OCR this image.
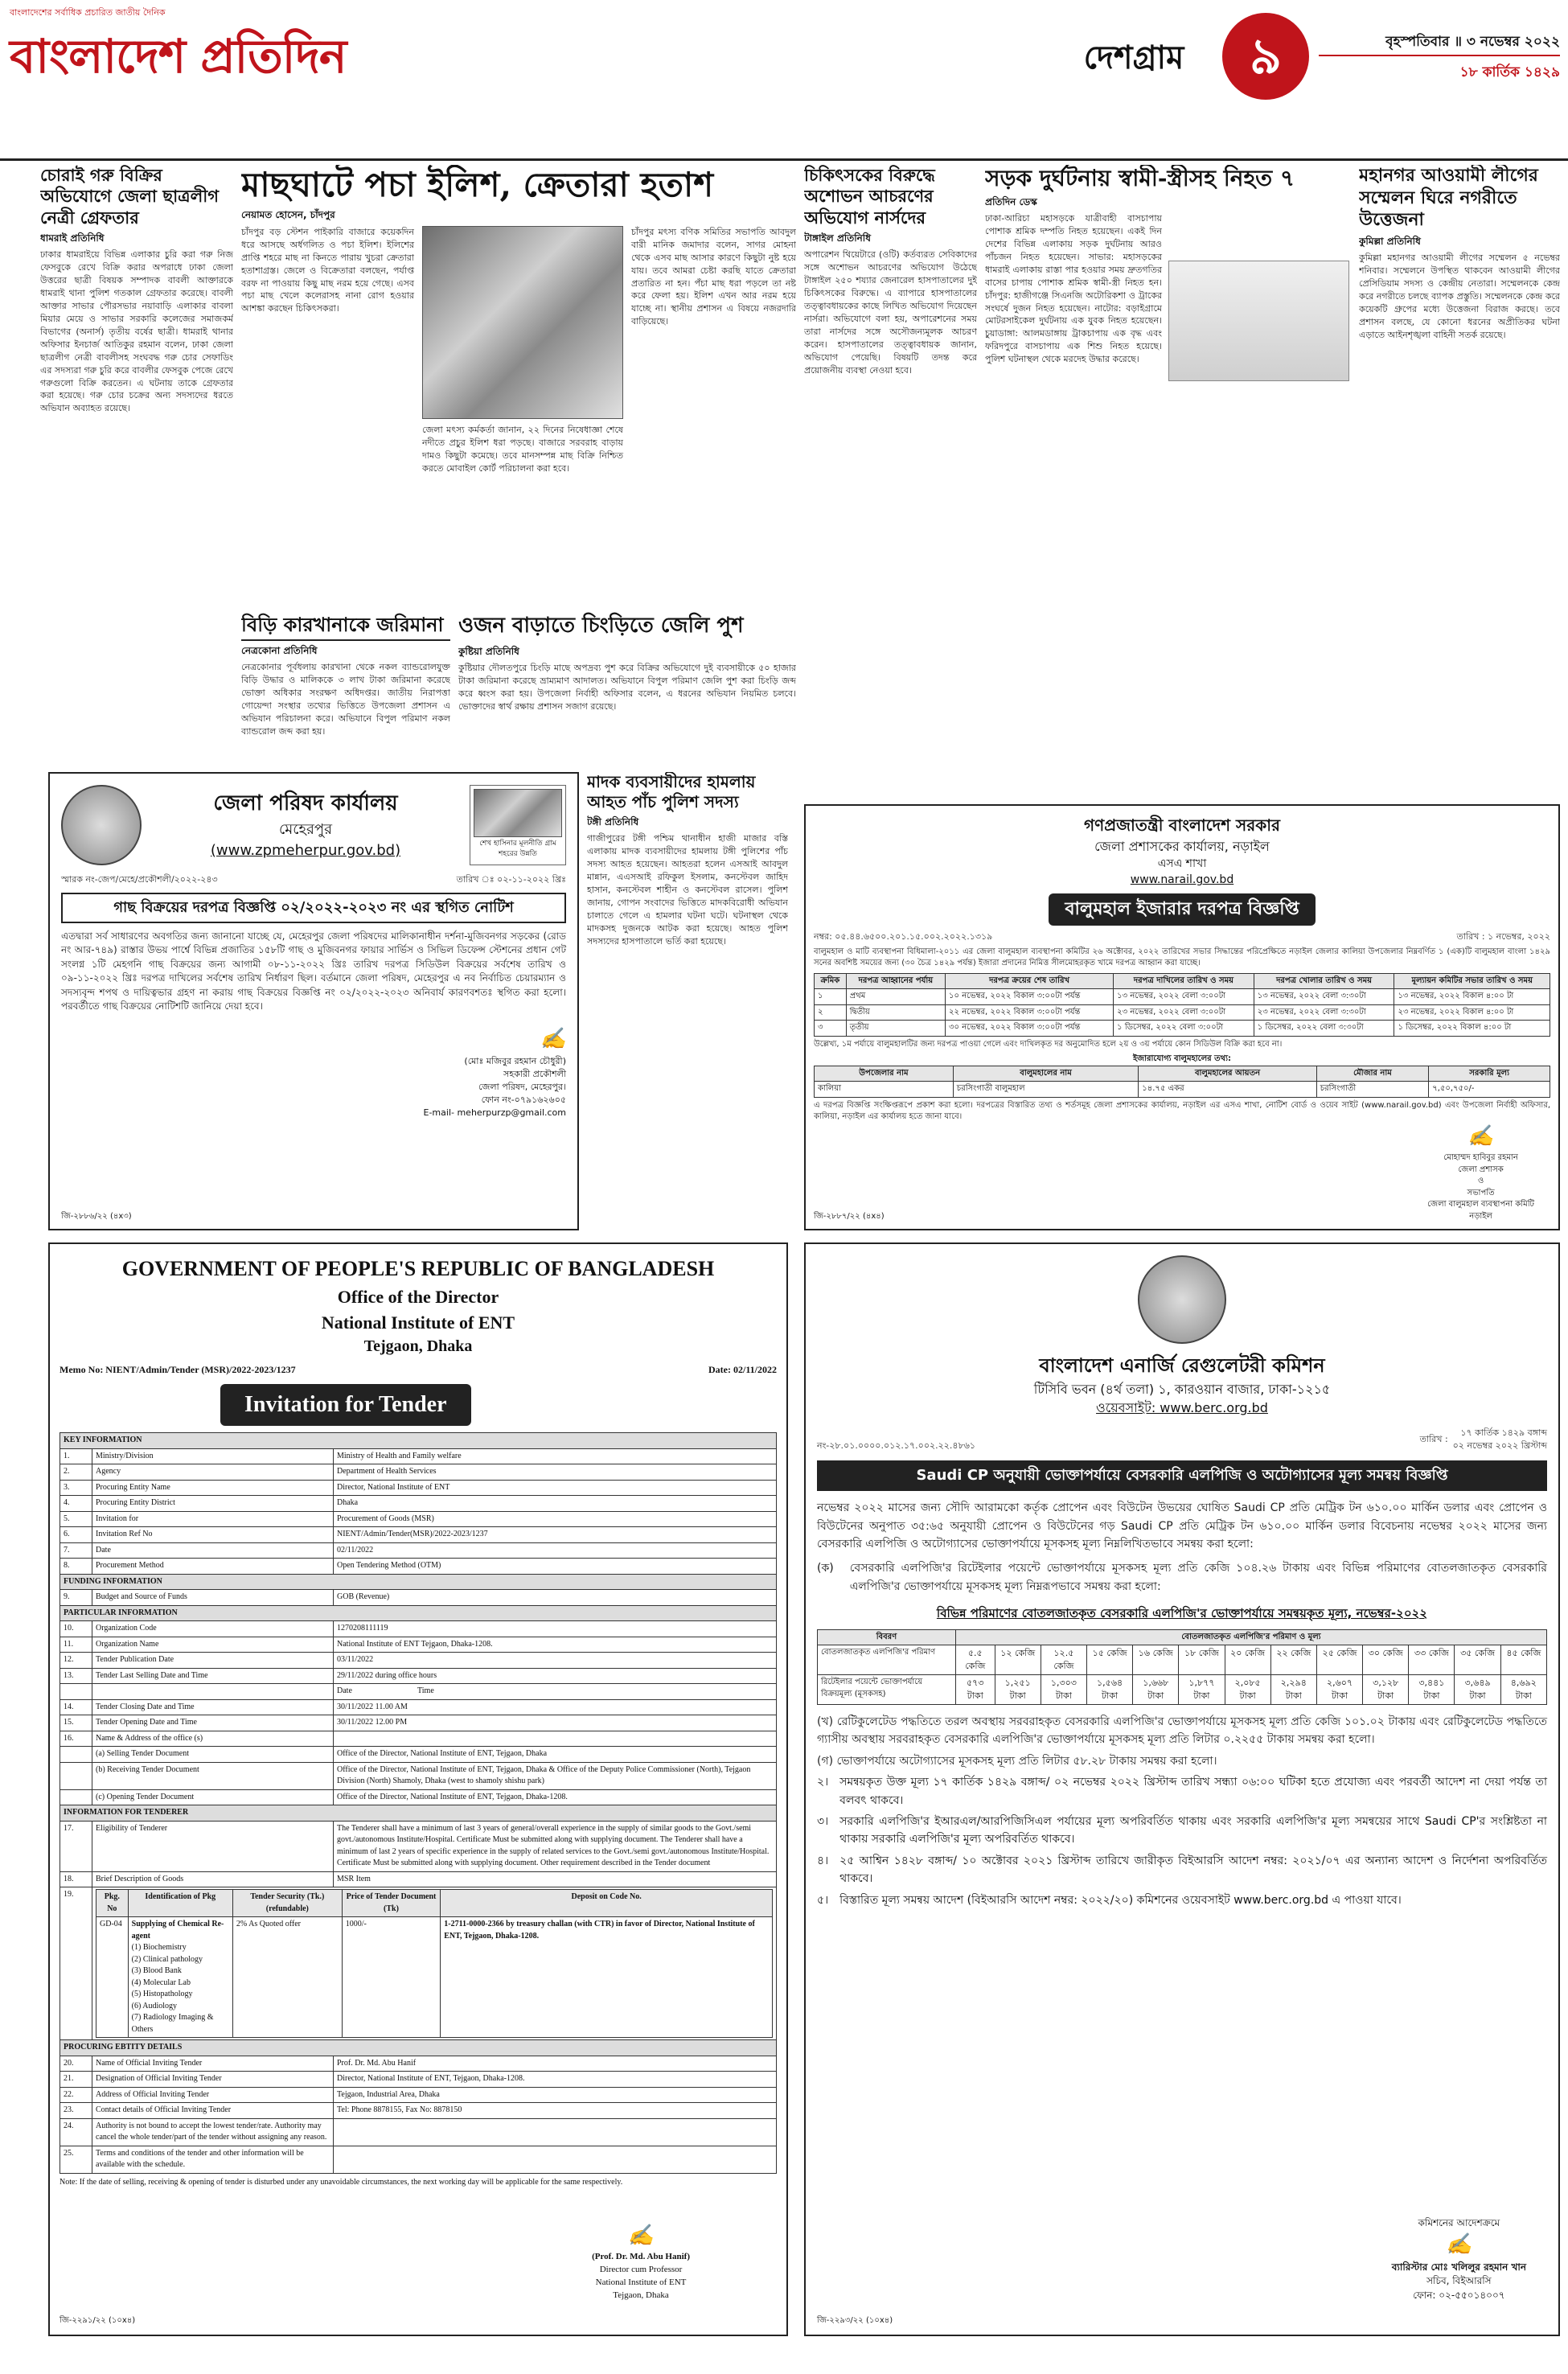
বাংলাদেশের সর্বাধিক প্রচারিত জাতীয় দৈনিক
বাংলাদেশ প্রতিদিন	দেশগ্রাম	৯	বৃহস্পতিবার ॥ ৩ নভেম্বর ২০২২
১৮ কার্তিক ১৪২৯
চোরাই গরু বিক্রির অভিযোগে জেলা ছাত্রলীগ নেত্রী গ্রেফতার
ধামরাই প্রতিনিধি
ঢাকার ধামরাইয়ে বিভিন্ন এলাকার চুরি করা গরু নিজ ফেসবুকে রেখে বিক্রি করার অপরাধে ঢাকা জেলা উত্তরের ছাত্রী বিষয়ক সম্পাদক বাবলী আক্তারকে ধামরাই থানা পুলিশ গতকাল গ্রেফতার করেছে। বাবলী আক্তার সাভার পৌরসভার নয়াবাড়ি এলাকার বাবলা মিয়ার মেয়ে ও সাভার সরকারি কলেজের সমাজকর্ম বিভাগের (অনার্স) তৃতীয় বর্ষের ছাত্রী। ধামরাই থানার অফিসার ইনচার্জ আতিকুর রহমান বলেন, ঢাকা জেলা ছাত্রলীগ নেত্রী বাবলীসহ সংঘবদ্ধ গরু চোর সেফাডিং এর সদস্যরা গরু চুরি করে বাবলীর ফেসবুক পেজে রেখে গরুগুলো বিক্রি করতেন। এ ঘটনায় তাকে গ্রেফতার করা হয়েছে। গরু চোর চক্রের অন্য সদস্যদের ধরতে অভিযান অব্যাহত রয়েছে।
মাছঘাটে পচা ইলিশ, ক্রেতারা হতাশ
নেয়ামত হোসেন, চাঁদপুর
চাঁদপুর বড় স্টেশন পাইকারি বাজারে কয়েকদিন ধরে আসছে অর্ধগলিত ও পচা ইলিশ। ইলিশের প্রাপ্তি শহরে মাছ না কিনতে পারায় খুচরা ক্রেতারা হতাশাগ্রস্ত। জেলে ও বিক্রেতারা বলছেন, পর্যাপ্ত বরফ না পাওয়ায় কিছু মাছ নরম হয়ে গেছে। এসব পচা মাছ খেলে কলেরাসহ নানা রোগ হওয়ার আশঙ্কা করছেন চিকিৎসকরা।
জেলা মৎস্য কর্মকর্তা জানান, ২২ দিনের নিষেধাজ্ঞা শেষে নদীতে প্রচুর ইলিশ ধরা পড়ছে। বাজারে সরবরাহ বাড়ায় দামও কিছুটা কমেছে। তবে মানসম্পন্ন মাছ বিক্রি নিশ্চিত করতে মোবাইল কোর্ট পরিচালনা করা হবে।
চাঁদপুর মৎস্য বণিক সমিতির সভাপতি আবদুল বারী মানিক জমাদার বলেন, সাগর মোহনা থেকে এসব মাছ আসার কারণে কিছুটা নুষ্ট হয়ে যায়। তবে আমরা চেষ্টা করছি যাতে ক্রেতারা প্রতারিত না হন। পঁচা মাছ ধরা পড়লে তা নষ্ট করে ফেলা হয়। ইলিশ এখন আর নরম হয়ে যাচ্ছে না। স্থানীয় প্রশাসন এ বিষয়ে নজরদারি বাড়িয়েছে।
চিকিৎসকের বিরুদ্ধে অশোভন আচরণের অভিযোগ নার্সদের
টাঙ্গাইল প্রতিনিধি
অপারেশন থিয়েটারে (ওটি) কর্তব্যরত সেবিকাদের সঙ্গে অশোভন আচরণের অভিযোগ উঠেছে টাঙ্গাইল ২৫০ শয্যার জেনারেল হাসপাতালের দুই চিকিৎসকের বিরুদ্ধে। এ ব্যাপারে হাসপাতালের তত্ত্বাবধায়কের কাছে লিখিত অভিযোগ দিয়েছেন নার্সরা। অভিযোগে বলা হয়, অপারেশনের সময় তারা নার্সদের সঙ্গে অসৌজন্যমূলক আচরণ করেন। হাসপাতালের তত্ত্বাবধায়ক জানান, অভিযোগ পেয়েছি। বিষয়টি তদন্ত করে প্রয়োজনীয় ব্যবস্থা নেওয়া হবে।
সড়ক দুর্ঘটনায় স্বামী-স্ত্রীসহ নিহত ৭
প্রতিদিন ডেস্ক
ঢাকা-আরিচা মহাসড়কে যাত্রীবাহী বাসচাপায় পোশাক শ্রমিক দম্পতি নিহত হয়েছেন। একই দিন দেশের বিভিন্ন এলাকায় সড়ক দুর্ঘটনায় আরও পাঁচজন নিহত হয়েছেন। সাভার: মহাসড়কের ধামরাই এলাকায় রাস্তা পার হওয়ার সময় দ্রুতগতির বাসের চাপায় পোশাক শ্রমিক স্বামী-স্ত্রী নিহত হন। চাঁদপুর: হাজীগঞ্জে সিএনজি অটোরিকশা ও ট্রাকের সংঘর্ষে দুজন নিহত হয়েছেন। নাটোর: বড়াইগ্রামে মোটরসাইকেল দুর্ঘটনায় এক যুবক নিহত হয়েছেন। চুয়াডাঙ্গা: আলমডাঙ্গায় ট্রাকচাপায় এক বৃদ্ধ এবং ফরিদপুরে বাসচাপায় এক শিশু নিহত হয়েছে। পুলিশ ঘটনাস্থল থেকে মরদেহ উদ্ধার করেছে।
মহানগর আওয়ামী লীগের সম্মেলন ঘিরে নগরীতে উত্তেজনা
কুমিল্লা প্রতিনিধি
কুমিল্লা মহানগর আওয়ামী লীগের সম্মেলন ৫ নভেম্বর শনিবার। সম্মেলনে উপস্থিত থাকবেন আওয়ামী লীগের প্রেসিডিয়াম সদস্য ও কেন্দ্রীয় নেতারা। সম্মেলনকে কেন্দ্র করে নগরীতে চলছে ব্যাপক প্রস্তুতি। সম্মেলনকে কেন্দ্র করে কয়েকটি গ্রুপের মধ্যে উত্তেজনা বিরাজ করছে। তবে প্রশাসন বলছে, যে কোনো ধরনের অপ্রীতিকর ঘটনা এড়াতে আইনশৃঙ্খলা বাহিনী সতর্ক রয়েছে।
বিড়ি কারখানাকে জরিমানা
নেত্রকোনা প্রতিনিধি
নেত্রকোনার পূর্বধলায় কারখানা থেকে নকল ব্যান্ডরোলযুক্ত বিড়ি উদ্ধার ও মালিককে ৩ লাখ টাকা জরিমানা করেছে ভোক্তা অধিকার সংরক্ষণ অধিদপ্তর। জাতীয় নিরাপত্তা গোয়েন্দা সংস্থার তথ্যের ভিত্তিতে উপজেলা প্রশাসন এ অভিযান পরিচালনা করে। অভিযানে বিপুল পরিমাণ নকল ব্যান্ডরোল জব্দ করা হয়।
ওজন বাড়াতে চিংড়িতে জেলি পুশ
কুষ্টিয়া প্রতিনিধি
কুষ্টিয়ার দৌলতপুরে চিংড়ি মাছে অপদ্রব্য পুশ করে বিক্রির অভিযোগে দুই ব্যবসায়ীকে ৫০ হাজার টাকা জরিমানা করেছে ভ্রাম্যমাণ আদালত। অভিযানে বিপুল পরিমাণ জেলি পুশ করা চিংড়ি জব্দ করে ধ্বংস করা হয়। উপজেলা নির্বাহী অফিসার বলেন, এ ধরনের অভিযান নিয়মিত চলবে। ভোক্তাদের স্বার্থ রক্ষায় প্রশাসন সজাগ রয়েছে।
জেলা পরিষদ কার্যালয়
মেহেরপুর
(www.zpmeherpur.gov.bd)	শেখ হাসিনার মূলনীতি গ্রাম শহরের উন্নতি
স্মারক নং-জেপ/মেহে/প্রকৌশলী/২০২২-২৪৩	তারিখ ঃ ০২-১১-২০২২ খ্রিঃ
গাছ বিক্রয়ের দরপত্র বিজ্ঞপ্তি ০২/২০২২-২০২৩ নং এর স্থগিত নোটিশ
এতদ্বারা সর্ব সাধারণের অবগতির জন্য জানানো যাচ্ছে যে, মেহেরপুর জেলা পরিষদের মালিকানাধীন দর্শনা-মুজিবনগর সড়কের (রোড নং আর-৭৪৯) রাস্তার উভয় পার্শ্বে বিভিন্ন প্রজাতির ১৫৮টি গাছ ও মুজিবনগর ফায়ার সার্ভিস ও সিভিল ডিফেন্স স্টেশনের প্রধান গেট সংলগ্ন ১টি মেহগনি গাছ বিক্রয়ের জন্য আগামী ০৮-১১-২০২২ খ্রিঃ তারিখ দরপত্র সিডিউল বিক্রয়ের সর্বশেষ তারিখ ও ০৯-১১-২০২২ খ্রিঃ দরপত্র দাখিলের সর্বশেষ তারিখ নির্ধারণ ছিল। বর্তমানে জেলা পরিষদ, মেহেরপুর এ নব নির্বাচিত চেয়ারম্যান ও সদস্যবৃন্দ শপথ ও দায়িত্বভার গ্রহণ না করায় গাছ বিক্রয়ের বিজ্ঞপ্তি নং ০২/২০২২-২০২৩ অনিবার্য কারণবশতঃ স্থগিত করা হলো। পরবর্তীতে গাছ বিক্রয়ের নোটিশটি জানিয়ে দেয়া হবে।
✍
(মোঃ মজিবুর রহমান চৌধুরী)
সহকারী প্রকৌশলী
জেলা পরিষদ, মেহেরপুর।
ফোন নং-০৭৯১৬২৬০৫
E-mail- meherpurzp@gmail.com
জি-২৮৮৬/২২ (৪x৩)
মাদক ব্যবসায়ীদের হামলায় আহত পাঁচ পুলিশ সদস্য
টঙ্গী প্রতিনিধি
গাজীপুরের টঙ্গী পশ্চিম থানাধীন হাজী মাজার বস্তি এলাকায় মাদক ব্যবসায়ীদের হামলায় টঙ্গী পুলিশের পাঁচ সদস্য আহত হয়েছেন। আহতরা হলেন এসআই আবদুল মান্নান, এএসআই রফিকুল ইসলাম, কনস্টেবল জাহিদ হাসান, কনস্টেবল শাহীন ও কনস্টেবল রাসেল। পুলিশ জানায়, গোপন সংবাদের ভিত্তিতে মাদকবিরোধী অভিযান চালাতে গেলে এ হামলার ঘটনা ঘটে। ঘটনাস্থল থেকে মাদকসহ দুজনকে আটক করা হয়েছে। আহত পুলিশ সদস্যদের হাসপাতালে ভর্তি করা হয়েছে।
গণপ্রজাতন্ত্রী বাংলাদেশ সরকার
জেলা প্রশাসকের কার্যালয়, নড়াইল
এসএ শাখা
www.narail.gov.bd
বালুমহাল ইজারার দরপত্র বিজ্ঞপ্তি
নম্বর: ০৫.৪৪.৬৫০০.২০১.১৫.০০২.২০২২.১৩১৯	তারিখ : ১ নভেম্বর, ২০২২
বালুমহাল ও মাটি ব্যবস্থাপনা বিধিমালা-২০১১ এর জেলা বালুমহাল ব্যবস্থাপনা কমিটির ২৬ অক্টোবর, ২০২২ তারিখের সভার সিদ্ধান্তের পরিপ্রেক্ষিতে নড়াইল জেলার কালিয়া উপজেলার নিম্নবর্ণিত ১ (এক)টি বালুমহাল বাংলা ১৪২৯ সনের অবশিষ্ট সময়ের জন্য (৩০ চৈত্র ১৪২৯ পর্যন্ত) ইজারা প্রদানের নিমিত্ত সীলমোহরকৃত খামে দরপত্র আহ্বান করা যাচ্ছে।
ক্রমিক	দরপত্র আহ্বানের পর্যায়	দরপত্র ক্রয়ের শেষ তারিখ	দরপত্র দাখিলের তারিখ ও সময়	দরপত্র খোলার তারিখ ও সময়	মূল্যায়ন কমিটির সভার তারিখ ও সময়
১	প্রথম	১০ নভেম্বর, ২০২২ বিকাল ৩:০০টা পর্যন্ত	১৩ নভেম্বর, ২০২২ বেলা ৩:০০টা	১৩ নভেম্বর, ২০২২ বেলা ৩:৩০টা	১৩ নভেম্বর, ২০২২ বিকাল ৪:০০ টা
২	দ্বিতীয়	২২ নভেম্বর, ২০২২ বিকাল ৩:০০টা পর্যন্ত	২৩ নভেম্বর, ২০২২ বেলা ৩:০০টা	২৩ নভেম্বর, ২০২২ বেলা ৩:৩০টা	২৩ নভেম্বর, ২০২২ বিকাল ৪:০০ টা
৩	তৃতীয়	৩০ নভেম্বর, ২০২২ বিকাল ৩:০০টা পর্যন্ত	১ ডিসেম্বর, ২০২২ বেলা ৩:০০টা	১ ডিসেম্বর, ২০২২ বেলা ৩:৩০টা	১ ডিসেম্বর, ২০২২ বিকাল ৪:০০ টা
উল্লেখ্য, ১ম পর্যায়ে বালুমহালটির জন্য দরপত্র পাওয়া গেলে এবং দাখিলকৃত দর অনুমোদিত হলে ২য় ও ৩য় পর্যায়ে কোন সিডিউল বিক্রি করা হবে না।
ইজারাযোগ্য বালুমহালের তথ্য:
উপজেলার নাম	বালুমহালের নাম	বালুমহালের আয়তন	মৌজার নাম	সরকারি মূল্য
কালিয়া	চরসিংগাতী বালুমহাল	১৪.৭৫ একর	চরসিংগাতী	৭,৫০,৭৫০/-
এ দরপত্র বিজ্ঞপ্তি সংক্ষিপ্তরূপে প্রকাশ করা হলো। দরপত্রের বিস্তারিত তথ্য ও শর্তসমূহ জেলা প্রশাসকের কার্যালয়, নড়াইল এর এসএ শাখা, নোটিশ বোর্ড ও ওয়েব সাইট (www.narail.gov.bd) এবং উপজেলা নির্বাহী অফিসার, কালিয়া, নড়াইল এর কার্যালয় হতে জানা যাবে।
✍
মোহাম্মদ হাবিবুর রহমান
জেলা প্রশাসক
ও
সভাপতি
জেলা বালুমহাল ব্যবস্থাপনা কমিটি
নড়াইল
জি-২৮৮৭/২২ (৪x৪)
GOVERNMENT OF PEOPLE'S REPUBLIC OF BANGLADESH
Office of the Director
National Institute of ENT
Tejgaon, Dhaka
Memo No: NIENT/Admin/Tender (MSR)/2022-2023/1237	Date: 02/11/2022
Invitation for Tender
KEY INFORMATION
1.	Ministry/Division	Ministry of Health and Family welfare
2.	Agency	Department of Health Services
3.	Procuring Entity Name	Director, National Institute of ENT
4.	Procuring Entity District	Dhaka
5.	Invitation for	Procurement of Goods (MSR)
6.	Invitation Ref No	NIENT/Admin/Tender(MSR)/2022-2023/1237
7.	Date	02/11/2022
8.	Procurement Method	Open Tendering Method (OTM)
FUNDING INFORMATION
9.	Budget and Source of Funds	GOB (Revenue)
PARTICULAR INFORMATION
10.	Organization Code	1270208111119
11.	Organization Name	National Institute of ENT Tejgaon, Dhaka-1208.
12.	Tender Publication Date	03/11/2022
13.	Tender Last Selling Date and Time	29/11/2022 during office hours
		Date	Time
14.	Tender Closing Date and Time	30/11/2022 11.00 AM
15.	Tender Opening Date and Time	30/11/2022 12.00 PM
16.	Name & Address of the office (s)	
	(a) Selling Tender Document	Office of the Director, National Institute of ENT, Tejgaon, Dhaka
	(b) Receiving Tender Document	Office of the Director, National Institute of ENT, Tejgaon, Dhaka & Office of the Deputy Police Commissioner (North), Tejgaon Division (North) Shamoly, Dhaka (west to shamoly shishu park)
	(c) Opening Tender Document	Office of the Director, National Institute of ENT, Tejgaon, Dhaka-1208.
INFORMATION FOR TENDERER
17.	Eligibility of Tenderer	The Tenderer shall have a minimum of last 3 years of general/overall experience in the supply of similar goods to the Govt./semi govt./autonomous Institute/Hospital. Certificate Must be submitted along with supplying document. The Tenderer shall have a minimum of last 2 years of specific experience in the supply of related services to the Govt./semi govt./autonomous Institute/Hospital. Certificate Must be submitted along with supplying document. Other requirement described in the Tender document
18.	Brief Description of Goods	MSR Item
19.		Pkg. No	Identification of Pkg	Tender Security (Tk.) (refundable)	Price of Tender Document (Tk)	Deposit on Code No.
GD-04	Supplying of Chemical Re-agent
(1) Biochemistry
(2) Clinical pathology
(3) Blood Bank
(4) Molecular Lab
(5) Histopathology
(6) Audiology
(7) Radiology Imaging & Others
	2% As Quoted offer	1000/-	1-2711-0000-2366 by treasury challan (with CTR) in favor of Director, National Institute of ENT, Tejgaon, Dhaka-1208.

PROCURING EBTITY DETAILS
20.	Name of Official Inviting Tender	Prof. Dr. Md. Abu Hanif
21.	Designation of Official Inviting Tender	Director, National Institute of ENT, Tejgaon, Dhaka-1208.
22.	Address of Official Inviting Tender	Tejgaon, Industrial Area, Dhaka
23.	Contact details of Official Inviting Tender	Tel: Phone 8878155, Fax No: 8878150
24.	Authority is not bound to accept the lowest tender/rate. Authority may cancel the whole tender/part of the tender without assigning any reason.	
25.	Terms and conditions of the tender and other information will be available with the schedule.	
Note: If the date of selling, receiving & opening of tender is disturbed under any unavoidable circumstances, the next working day will be applicable for the same respectively.
✍
(Prof. Dr. Md. Abu Hanif)
Director cum Professor
National Institute of ENT
Tejgaon, Dhaka
জি-২২৯১/২২ (১০x৪)
বাংলাদেশ এনার্জি রেগুলেটরী কমিশন
টিসিবি ভবন (৪র্থ তলা) ১, কারওয়ান বাজার, ঢাকা-১২১৫
ওয়েবসাইট: www.berc.org.bd
নং-২৮.০১.০০০০.০১২.১৭.০০২.২২.৪৮৬১
তারিখ :
১৭ কার্তিক ১৪২৯ বঙ্গাব্দ
০২ নভেম্বর ২০২২ খ্রিস্টাব্দ
Saudi CP অনুযায়ী ভোক্তাপর্যায়ে বেসরকারি এলপিজি ও অটোগ্যাসের মূল্য সমন্বয় বিজ্ঞপ্তি
নভেম্বর ২০২২ মাসের জন্য সৌদি আরামকো কর্তৃক প্রোপেন এবং বিউটেন উভয়ের ঘোষিত Saudi CP প্রতি মেট্রিক টন ৬১০.০০ মার্কিন ডলার এবং প্রোপেন ও বিউটেনের অনুপাত ৩৫:৬৫ অনুযায়ী প্রোপেন ও বিউটেনের গড় Saudi CP প্রতি মেট্রিক টন ৬১০.০০ মার্কিন ডলার বিবেচনায় নভেম্বর ২০২২ মাসের জন্য বেসরকারি এলপিজি ও অটোগ্যাসের ভোক্তাপর্যায়ে মূসকসহ মূল্য নিম্নলিখিতভাবে সমন্বয় করা হলো:
(ক) বেসরকারি এলপিজি'র রিটেইলার পয়েন্টে ভোক্তাপর্যায়ে মূসকসহ মূল্য প্রতি কেজি ১০৪.২৬ টাকায় এবং বিভিন্ন পরিমাণের বোতলজাতকৃত বেসরকারি এলপিজি'র ভোক্তাপর্যায়ে মূসকসহ মূল্য নিম্নরূপভাবে সমন্বয় করা হলো:
বিভিন্ন পরিমাণের বোতলজাতকৃত বেসরকারি এলপিজি'র ভোক্তাপর্যায়ে সমন্বয়কৃত মূল্য, নভেম্বর-২০২২
বিবরণ	বোতলজাতকৃত এলপিজি'র পরিমাণ ও মূল্য												
বোতলজাতকৃত এলপিজি'র পরিমাণ	৫.৫ কেজি	১২ কেজি	১২.৫ কেজি	১৫ কেজি	১৬ কেজি	১৮ কেজি	২০ কেজি	২২ কেজি	২৫ কেজি	৩০ কেজি	৩৩ কেজি	৩৫ কেজি	৪৫ কেজি
রিটেইলার পয়েন্টে ভোক্তাপর্যায়ে বিক্রয়মূল্য (মূসকসহ)	৫৭৩ টাকা	১,২৫১ টাকা	১,৩০৩ টাকা	১,৫৬৪ টাকা	১,৬৬৮ টাকা	১,৮৭৭ টাকা	২,০৮৫ টাকা	২,২৯৪ টাকা	২,৬০৭ টাকা	৩,১২৮ টাকা	৩,৪৪১ টাকা	৩,৬৪৯ টাকা	৪,৬৯২ টাকা
(খ) রেটিকুলেটেড পদ্ধতিতে তরল অবস্থায় সরবরাহকৃত বেসরকারি এলপিজি'র ভোক্তাপর্যায়ে মূসকসহ মূল্য প্রতি কেজি ১০১.০২ টাকায় এবং রেটিকুলেটেড পদ্ধতিতে গ্যাসীয় অবস্থায় সরবরাহকৃত বেসরকারি এলপিজি'র ভোক্তাপর্যায়ে মূসকসহ মূল্য প্রতি লিটার ০.২২৫৫ টাকায় সমন্বয় করা হলো।
(গ) ভোক্তাপর্যায়ে অটোগ্যাসের মূসকসহ মূল্য প্রতি লিটার ৫৮.২৮ টাকায় সমন্বয় করা হলো।
২। সমন্বয়কৃত উক্ত মূল্য ১৭ কার্তিক ১৪২৯ বঙ্গাব্দ/ ০২ নভেম্বর ২০২২ খ্রিস্টাব্দ তারিখ সন্ধ্যা ০৬:০০ ঘটিকা হতে প্রযোজ্য এবং পরবর্তী আদেশ না দেয়া পর্যন্ত তা বলবৎ থাকবে।
৩। সরকারি এলপিজি'র ইআরএল/আরপিজিসিএল পর্যায়ের মূল্য অপরিবর্তিত থাকায় এবং সরকারি এলপিজি'র মূল্য সমন্বয়ের সাথে Saudi CP'র সংশ্লিষ্টতা না থাকায় সরকারি এলপিজি'র মূল্য অপরিবর্তিত থাকবে।
৪। ২৫ আশ্বিন ১৪২৮ বঙ্গাব্দ/ ১০ অক্টোবর ২০২১ খ্রিস্টাব্দ তারিখে জারীকৃত বিইআরসি আদেশ নম্বর: ২০২১/০৭ এর অন্যান্য আদেশ ও নির্দেশনা অপরিবর্তিত থাকবে।
৫। বিস্তারিত মূল্য সমন্বয় আদেশ (বিইআরসি আদেশ নম্বর: ২০২২/২০) কমিশনের ওয়েবসাইট www.berc.org.bd এ পাওয়া যাবে।
কমিশনের আদেশক্রমে
✍
ব্যারিস্টার মোঃ খলিলুর রহমান খান
সচিব, বিইআরসি
ফোন: ০২-৫৫০১৪০০৭
জি-২২৯৩/২২ (১০x৪)
